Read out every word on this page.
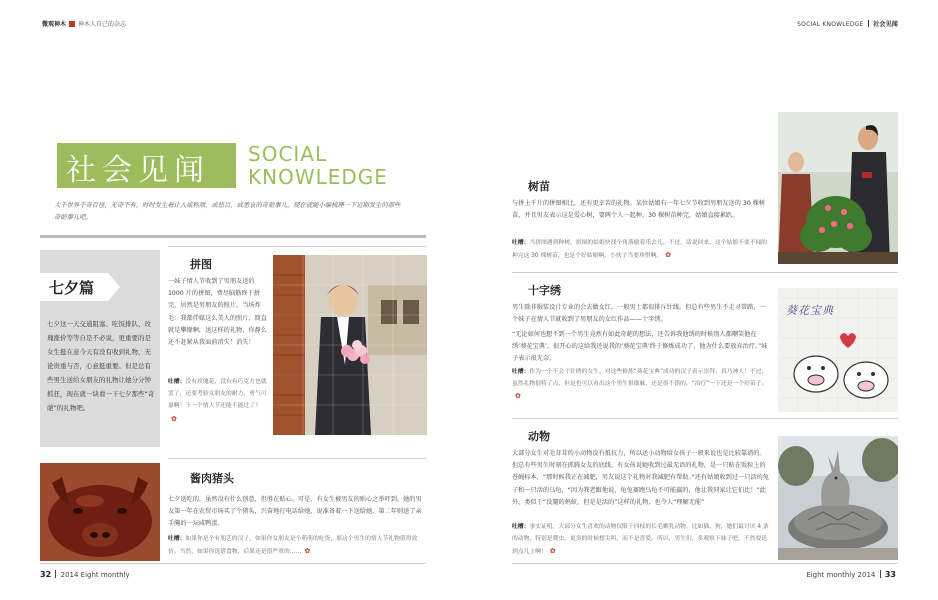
微观神木 神木人自己的杂志	SOCIAL KNOWLEDGE 社会见闻
社会见闻 SOCIAL
KNOWLEDGE
大千世界千奇百怪，无奇不有，时时发生着让人咸称颜，或悠目，或悉哀的奇葩事儿，现在就随小编梳理一下近期发生的那些奇葩事儿吧。
七夕篇
七夕这一天交通阻塞、吃饭排队、玫瑰涨价等等自是不必说，更重要的是女生挺在意今天有没有收到礼物，无论贵重与否，心意挺重要。但是总有些男生送给女朋友的礼物让她分分钟抓狂，现在就一块看一下七夕那些“奇葩”的礼物吧。
拼图
一妹子情人节收到了男朋友送的 1000 片的拼图，费尽脑筋终于拼完，居然是男朋友的照片，当场炸毛：我都伴媒这么美人的照片，简直就是攀缘啊，送这样的礼物，你静么还不赶紧从我面前消失！消失！
吐槽：没有玫瑰花，没有有巧克力也就罢了，还要考验女朋友的耐力，勇气可嘉啊！下一个情人节还能不能过了？✿
酱肉猪头
七夕送吃的，虽然没有什么创意，但胜在贴心。可是，有女生被男友的贴心之举吓到。她的男友第一年在农贸市场买了个猪头，兴奋地打电话给她，说准备着一下送给她，第二年则送了亲手腌的一坛咸鸭蛋。
吐槽：如果你是个有朋艺的汉子，如果你女朋友是个萌萌的吃货，那这个男生的情人节礼物值得效仿。当然，如果你选错食物，后果还是很严重的…… ✿
树苗
与拼上千片的拼图相比，还有更幸苦的礼物。某位姑娘有一年七夕节收到男朋友送的 30 棵树苗，并且男友表示这是爱心树，要两个人一起种。30 棵树苗种完，姑娘直接累趴。
吐槽：当拼图遇到种树，拼图的姑娘快找个角落偷着乐去儿。不过，话说回来，这个姑娘不要不闻的种完这 30 棵树苗，也是个好姑娘啊，小伙子当要珍惜啊。 ✿
十字绣
男生除非服装设计专业的会去做女红，一般男士都很排斥针线。但总有些男生不走寻常路，一个妹子在情人节就收到了男朋友的女红作品——十字绣。
“无论如何也想不到一个男生竟然有如此奇葩的想法，还告诉我他绣的时候别人都嘲笑他在绣‘葵花宝典’。很开心的这给我还说我的‘葵花宝典’终于修炼成功了，他为什么要放弃治疗。”妹子表示很无奈。
吐槽：作为一个不会干针绣的女生，对这些修炼“葵花宝典”成功的汉子表示崇拜，真乃神人！不过，虽然礼物很特了点，但是也可以看出这个男生很细腻，还是很不错的。“治疗”一下还是一个好苗子。✿
葵花宝典
动物
大部分女生对毛茸茸的小动物没有抵抗力，所以送小动物给女孩子一般来说也是比较靠谱的。但总有些男生时刻在抓腾女友的底线，有女孩说她收到过最无语的礼物，是一只贴在饭粒上的苍蝇标本，“那时候我正在减肥，男友说这个礼物对我减肥有帮助。”还有姑娘收到过一只活的兔子和一只活的乌龟，“因为我老跟他说，龟兔赛跑乌龟不可能赢的，他让我同家让它们比！”此外，类似于“没腿的蚂蚁，但是是活的”这样的礼物，也令人“理解无能”
吐槽：事实证明，大部分女生喜欢的动物仅限于四枝的长毛嗽乳动物，比如猫、狗，她们最讨厌 4 条的动物，特别是爬虫，更多的时候想尖叫，而不是喜爱。所以，男生们，多观察下妹子吧，不然要送到点儿上啊！ ✿
32 2014 Eight monthly	Eight monthly 2014 33
